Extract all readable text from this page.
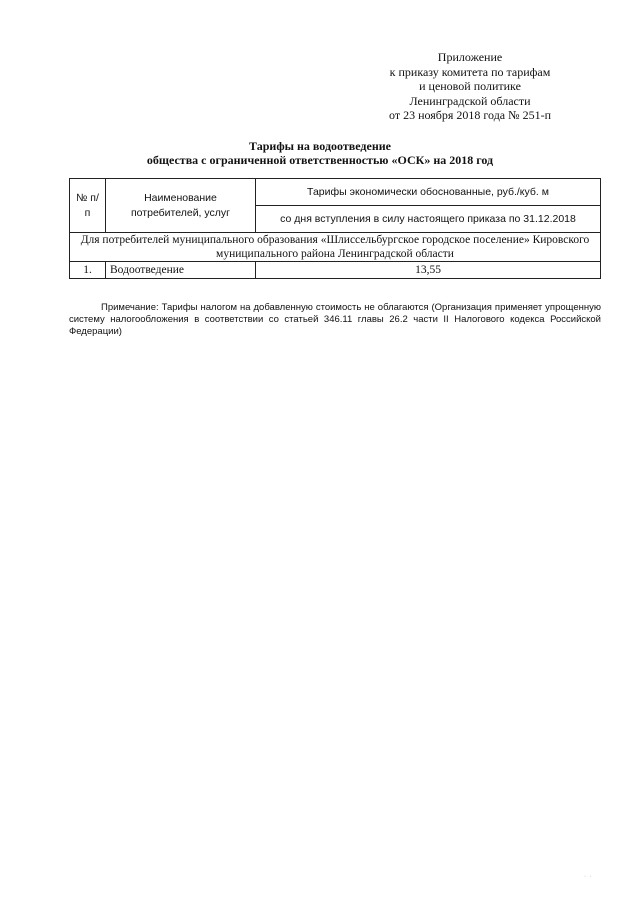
Приложение
к приказу комитета по тарифам
и ценовой политике
Ленинградской области
от 23 ноября 2018 года № 251-п
Тарифы на водоотведение
общества с ограниченной ответственностью «ОСК» на 2018 год
№ п/п	Наименование потребителей, услуг	Тарифы экономически обоснованные, руб./куб. м
		со дня вступления в силу настоящего приказа по 31.12.2018
Для потребителей муниципального образования «Шлиссельбургское городское поселение» Кировского муниципального района Ленинградской области		
1.	Водоотведение	13,55
Примечание: Тарифы налогом на добавленную стоимость не облагаются (Организация применяет упрощенную систему налогообложения в соответствии со статьей 346.11 главы 26.2 части II Налогового кодекса Российской Федерации)
· ·
